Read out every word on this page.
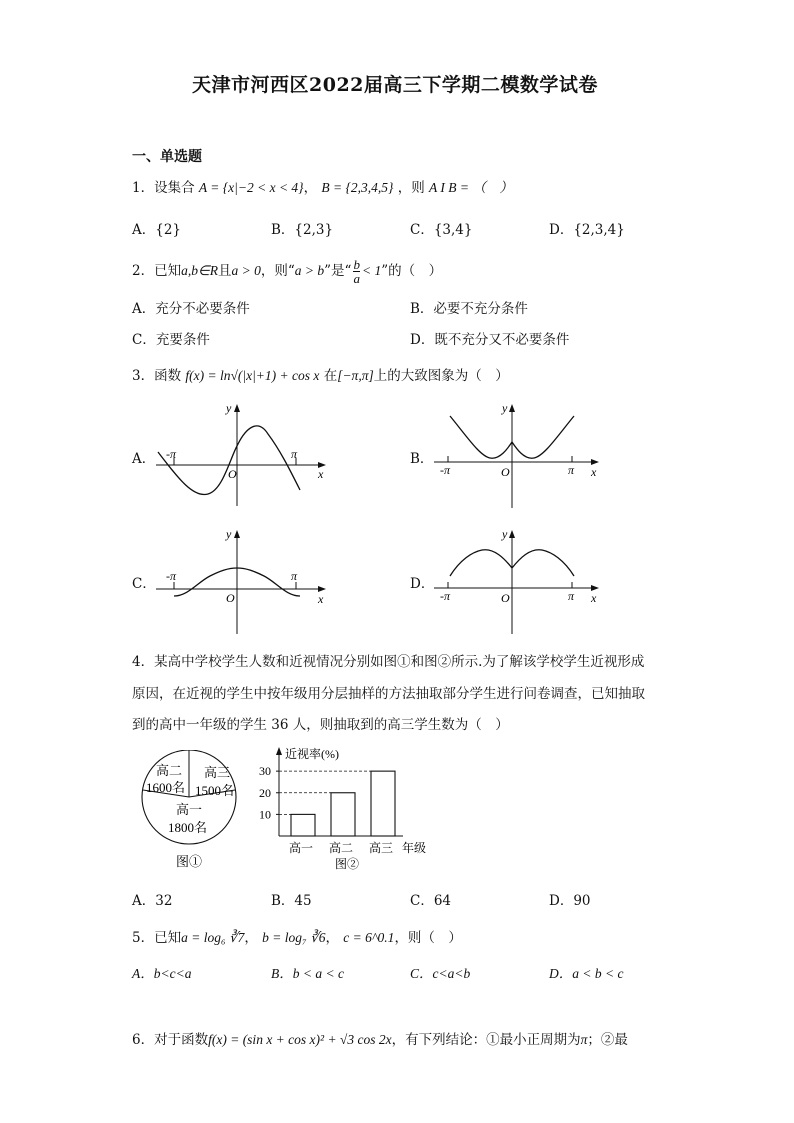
天津市河西区2022届高三下学期二模数学试卷
一、单选题
1．设集合 A = {x|−2 < x < 4}， B = {2,3,4,5} ，则 A I B = （　）
A．{2}	B．{2,3}	C．{3,4}	D．{2,3,4}
2．已知a,b∈R且a > 0，则“a > b”是“ $\frac{b}{a} < 1$”的（　）
A．充分不必要条件	B．必要不充分条件
C．充要条件	D．既不充分又不必要条件
3．函数 f(x) = ln√(|x|+1) + cos x 在[−π,π]上的大致图象为（　）
A．	B．
C．	D．
-π	π
y
x
O	-π	π
y
x
O
-π	π
y
x
O	-π	π
y
x
O
4．某高中学校学生人数和近视情况分别如图①和图②所示.为了解该学校学生近视形成
原因，在近视的学生中按年级用分层抽样的方法抽取部分学生进行问卷调查，已知抽取
到的高中一年级的学生 36 人，则抽取到的高三学生数为（　）
高二
1600名
高三
1500名
高一
1800名
图①
近视率(%)
年级
图②
10
20
30
高一 高二 高三
A．32	B．45	C．64	D．90
5．已知a = log₆ ∛7， b = log₇ ∛6， c = 6^0.1，则（　）
A．b<c<a	B．b < a < c	C．c<a<b	D．a < b < c
6．对于函数f(x) = (sin x + cos x)² + √3 cos 2x，有下列结论：①最小正周期为π；②最
